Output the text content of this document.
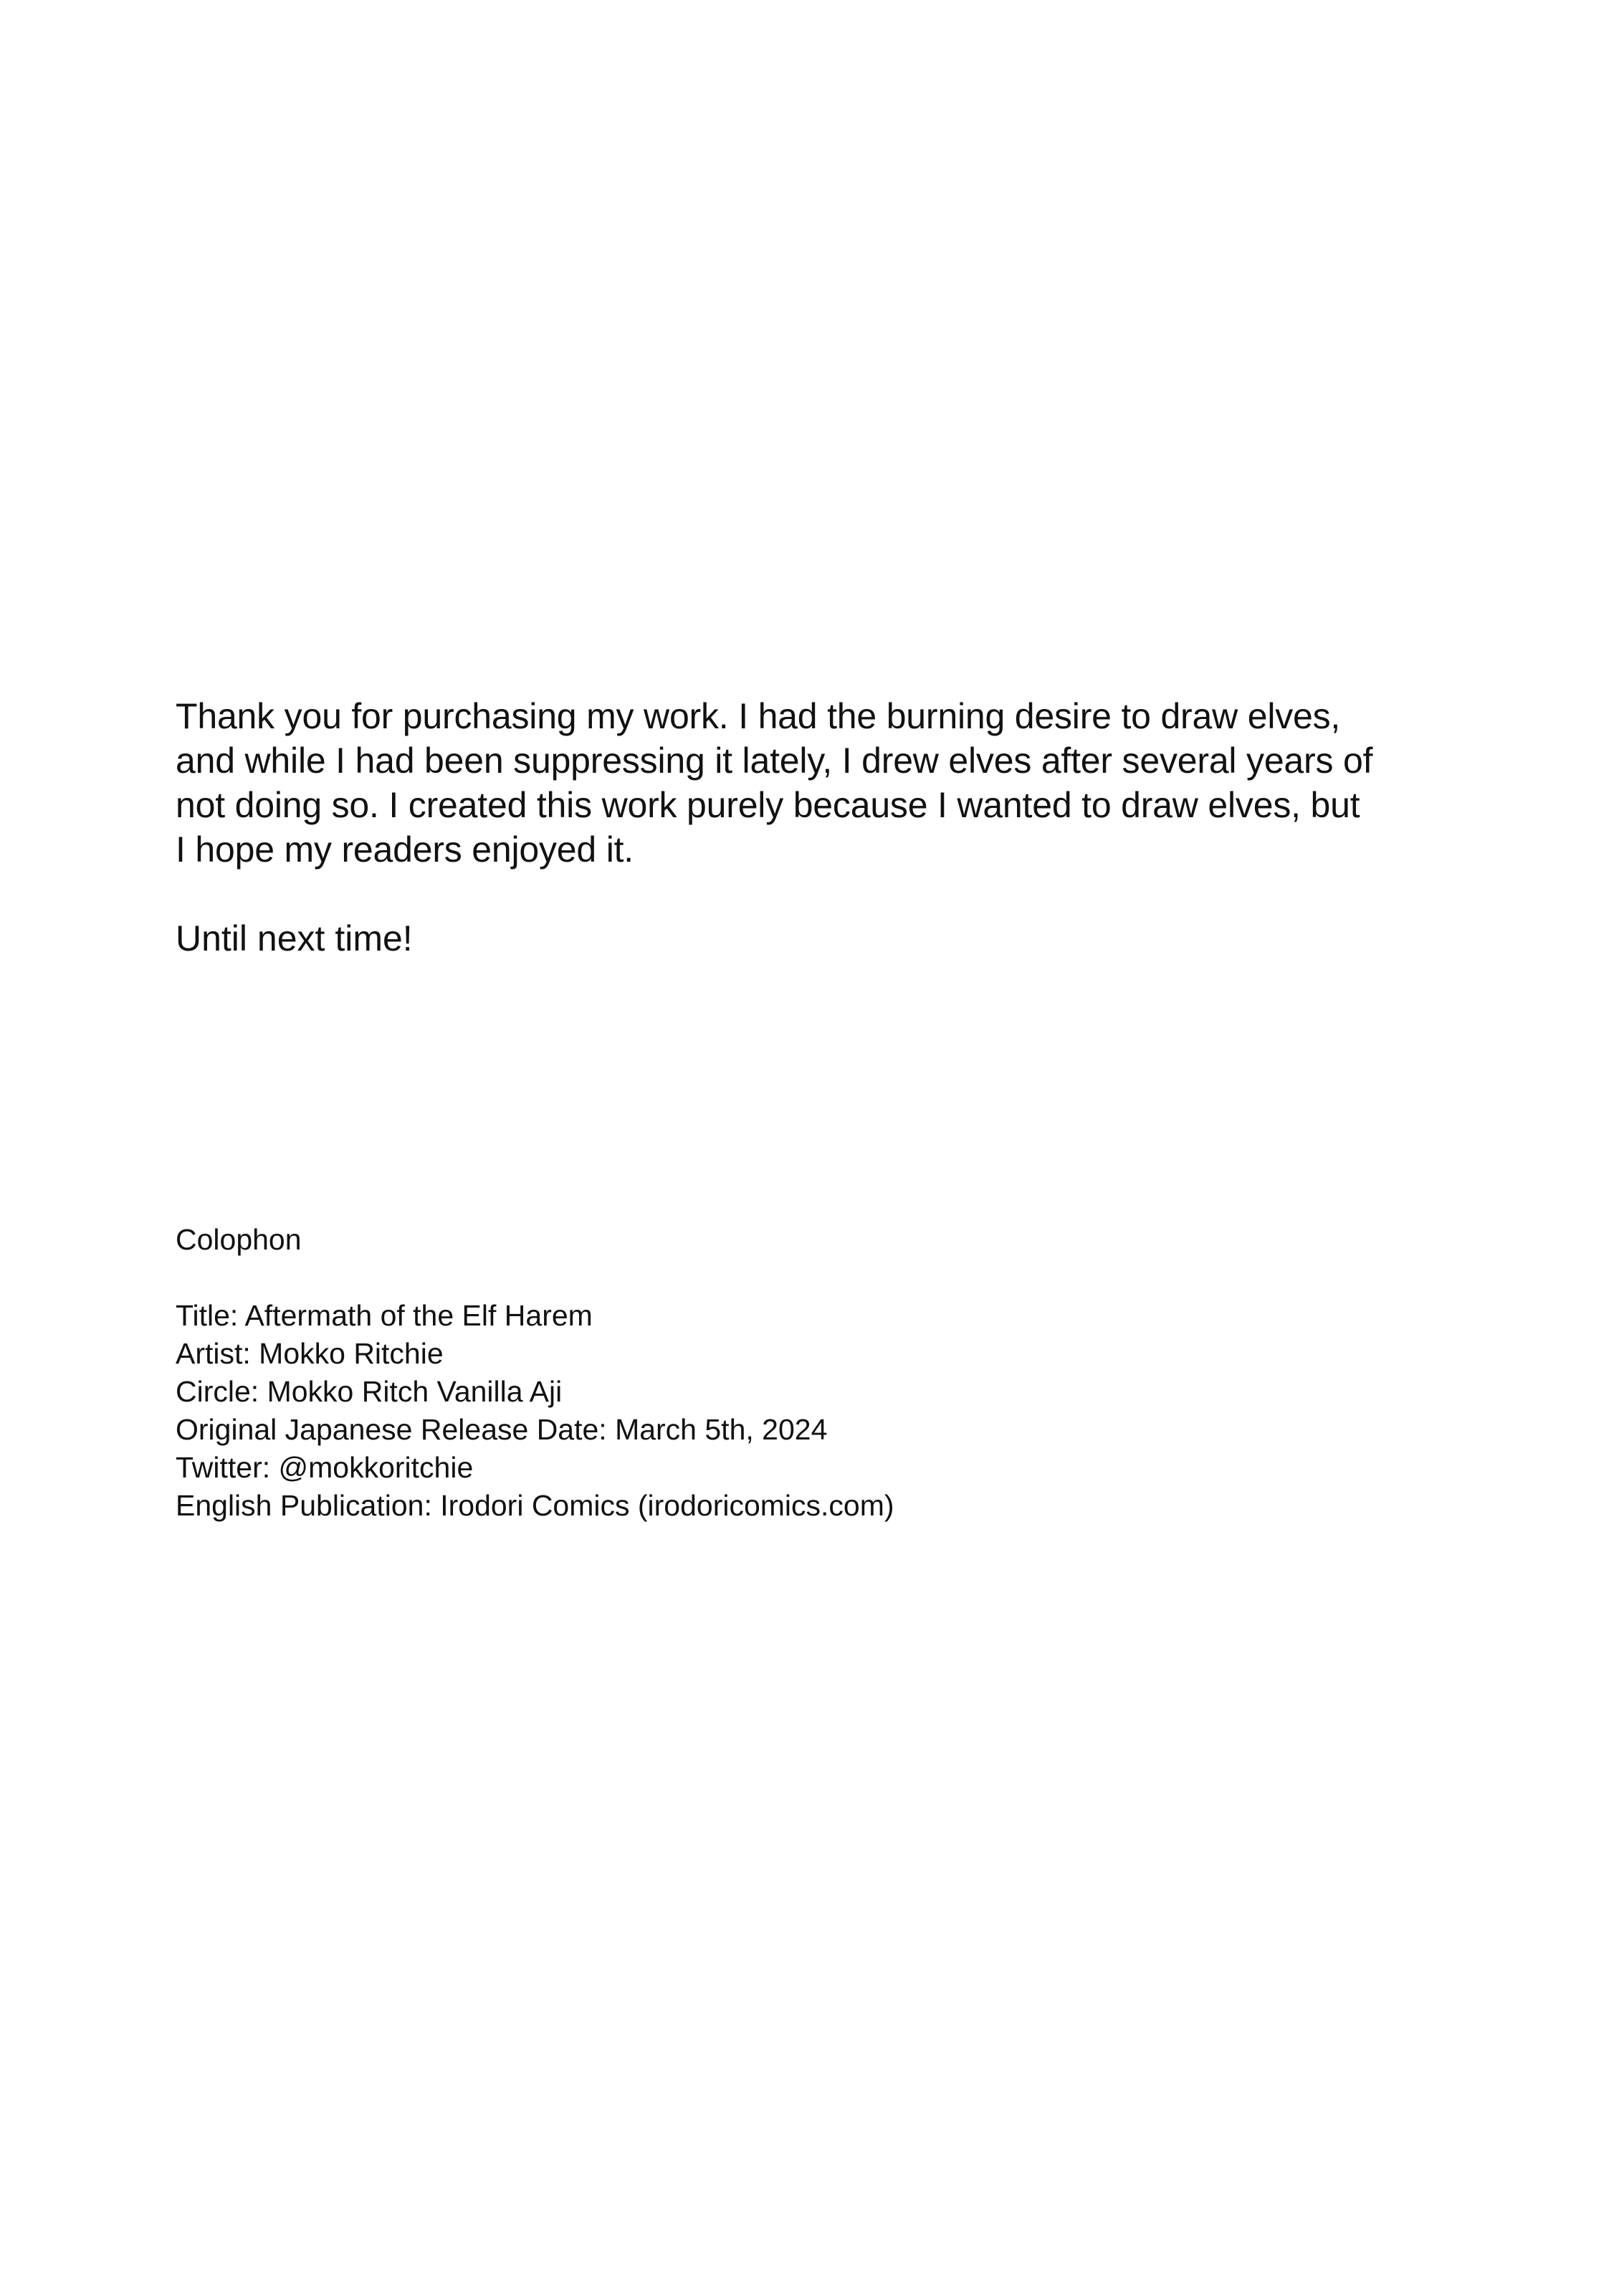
Thank you for purchasing my work. I had the burning desire to draw elves,
and while I had been suppressing it lately, I drew elves after several years of
not doing so. I created this work purely because I wanted to draw elves, but
I hope my readers enjoyed it.
Until next time!
Colophon
Title: Aftermath of the Elf Harem
Artist: Mokko Ritchie
Circle: Mokko Ritch Vanilla Aji
Original Japanese Release Date: March 5th, 2024
Twitter: @mokkoritchie
English Publication: Irodori Comics (irodoricomics.com)
